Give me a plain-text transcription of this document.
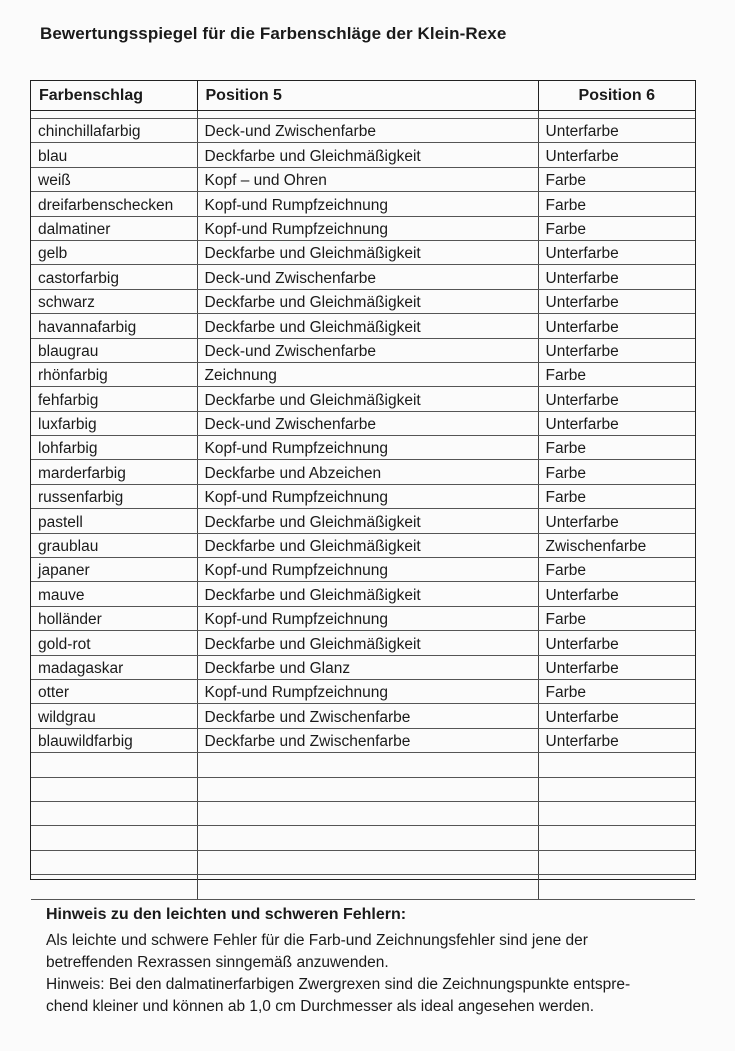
Bewertungsspiegel für die Farbenschläge der Klein-Rexe
Farbenschlag	Position 5	Position 6

chinchillafarbig	Deck-und Zwischenfarbe	Unterfarbe
blau	Deckfarbe und Gleichmäßigkeit	Unterfarbe
weiß	Kopf – und Ohren	Farbe
dreifarbenschecken	Kopf-und Rumpfzeichnung	Farbe
dalmatiner	Kopf-und Rumpfzeichnung	Farbe
gelb	Deckfarbe und Gleichmäßigkeit	Unterfarbe
castorfarbig	Deck-und Zwischenfarbe	Unterfarbe
schwarz	Deckfarbe und Gleichmäßigkeit	Unterfarbe
havannafarbig	Deckfarbe und Gleichmäßigkeit	Unterfarbe
blaugrau	Deck-und Zwischenfarbe	Unterfarbe
rhönfarbig	Zeichnung	Farbe
fehfarbig	Deckfarbe und Gleichmäßigkeit	Unterfarbe
luxfarbig	Deck-und Zwischenfarbe	Unterfarbe
lohfarbig	Kopf-und Rumpfzeichnung	Farbe
marderfarbig	Deckfarbe und Abzeichen	Farbe
russenfarbig	Kopf-und Rumpfzeichnung	Farbe
pastell	Deckfarbe und Gleichmäßigkeit	Unterfarbe
graublau	Deckfarbe und Gleichmäßigkeit	Zwischenfarbe
japaner	Kopf-und Rumpfzeichnung	Farbe
mauve	Deckfarbe und Gleichmäßigkeit	Unterfarbe
holländer	Kopf-und Rumpfzeichnung	Farbe
gold-rot	Deckfarbe und Gleichmäßigkeit	Unterfarbe
madagaskar	Deckfarbe und Glanz	Unterfarbe
otter	Kopf-und Rumpfzeichnung	Farbe
wildgrau	Deckfarbe und Zwischenfarbe	Unterfarbe
blauwildfarbig	Deckfarbe und Zwischenfarbe	Unterfarbe

Hinweis zu den leichten und schweren Fehlern:

Als leichte und schwere Fehler für die Farb-und Zeichnungsfehler sind jene der

betreffenden Rexrassen sinngemäß anzuwenden.

Hinweis: Bei den dalmatinerfarbigen Zwergrexen sind die Zeichnungspunkte entspre-

chend kleiner und können ab 1,0 cm Durchmesser als ideal angesehen werden.
